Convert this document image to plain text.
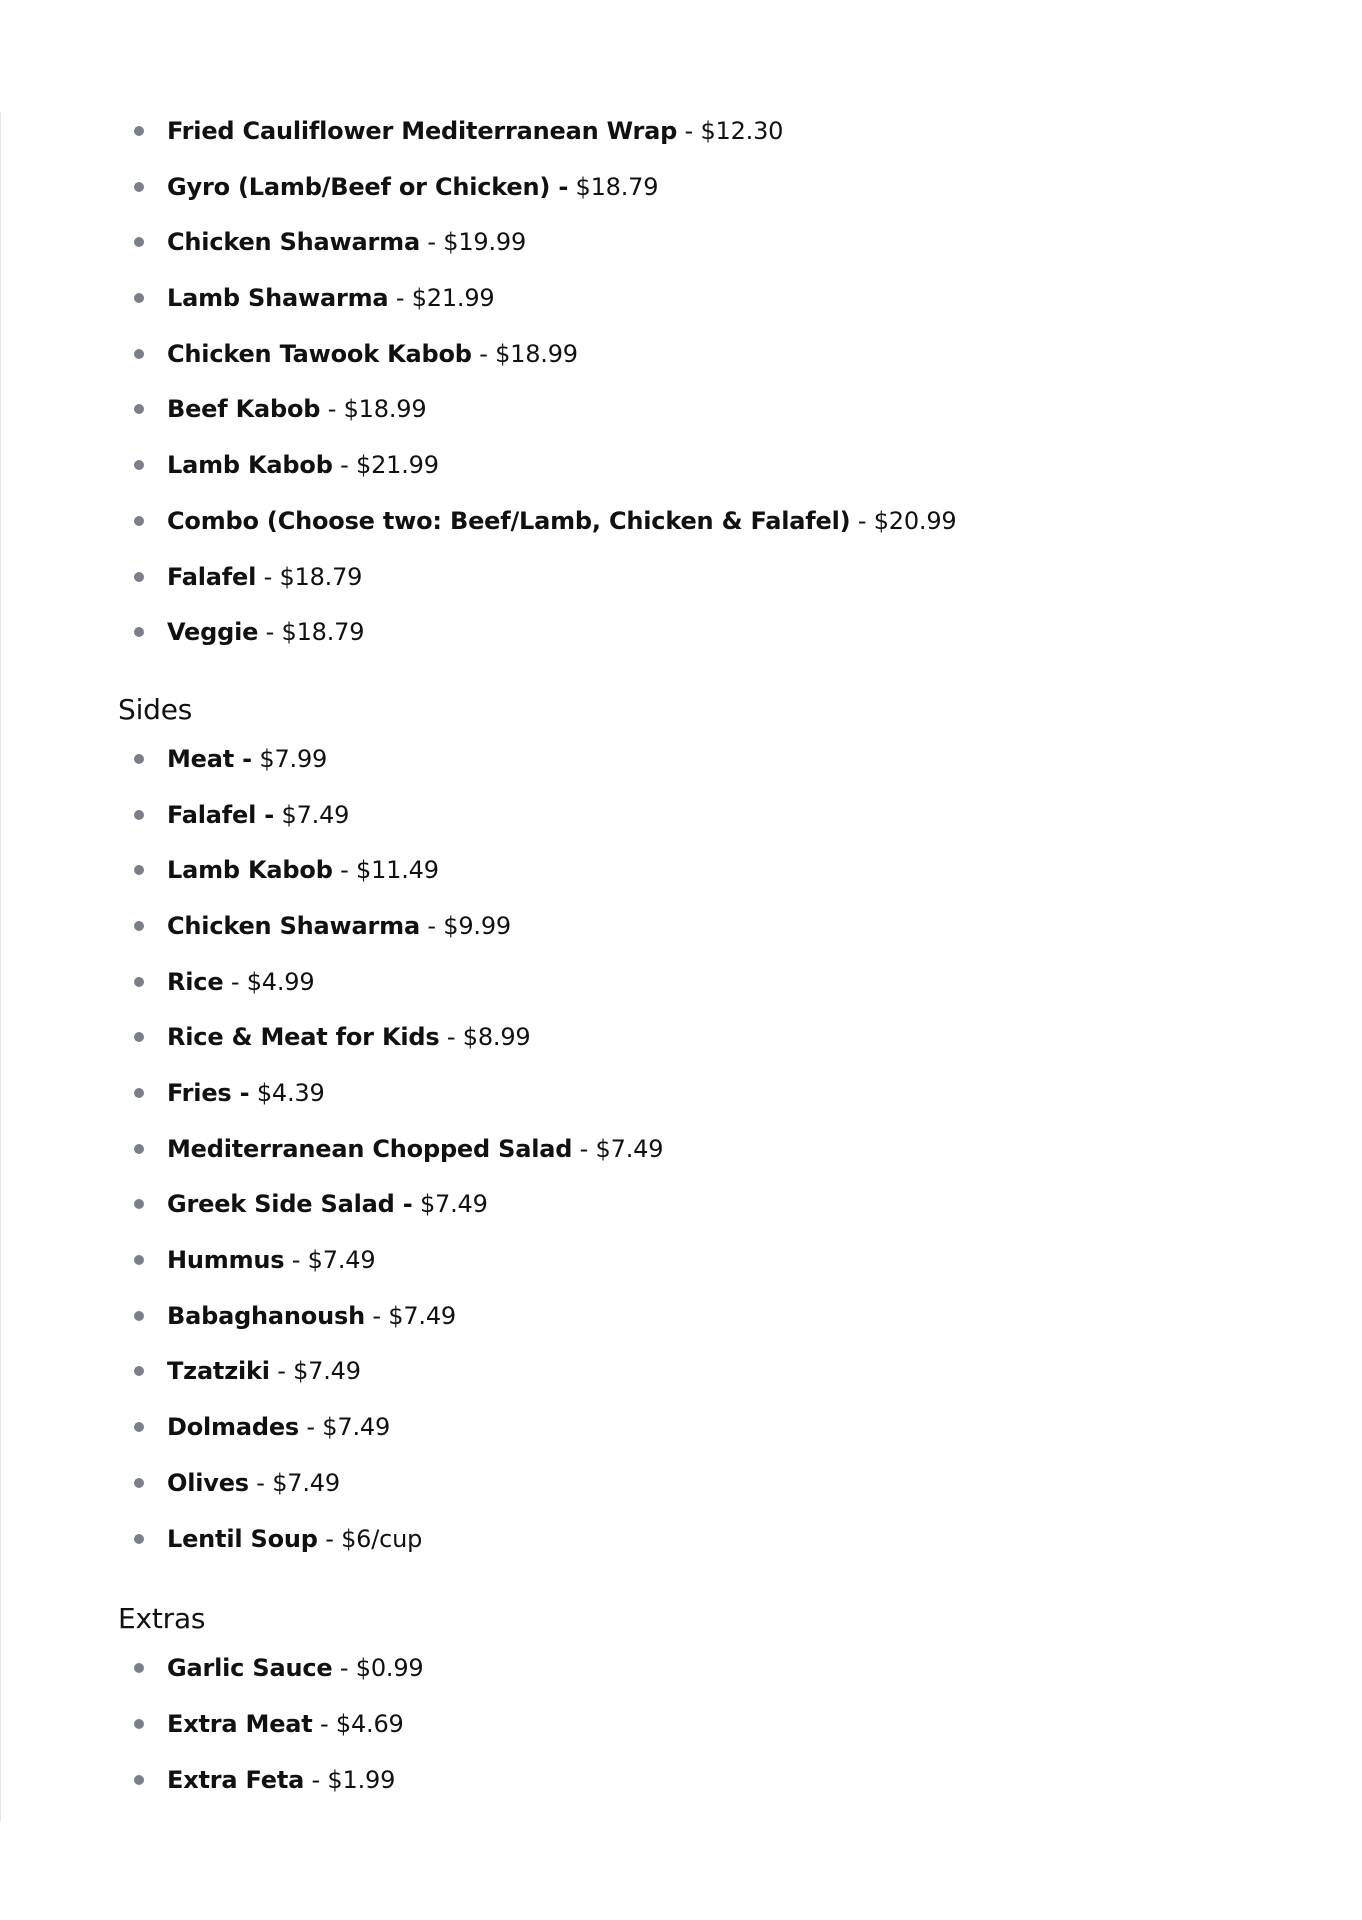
Fried Cauliflower Mediterranean Wrap - $12.30
Gyro (Lamb/Beef or Chicken) - $18.79
Chicken Shawarma - $19.99
Lamb Shawarma - $21.99
Chicken Tawook Kabob - $18.99
Beef Kabob - $18.99
Lamb Kabob - $21.99
Combo (Choose two: Beef/Lamb, Chicken & Falafel) - $20.99
Falafel - $18.79
Veggie - $18.79
Sides
Meat - $7.99
Falafel - $7.49
Lamb Kabob - $11.49
Chicken Shawarma - $9.99
Rice - $4.99
Rice & Meat for Kids - $8.99
Fries - $4.39
Mediterranean Chopped Salad - $7.49
Greek Side Salad - $7.49
Hummus - $7.49
Babaghanoush - $7.49
Tzatziki - $7.49
Dolmades - $7.49
Olives - $7.49
Lentil Soup - $6/cup
Extras
Garlic Sauce - $0.99
Extra Meat - $4.69
Extra Feta - $1.99
